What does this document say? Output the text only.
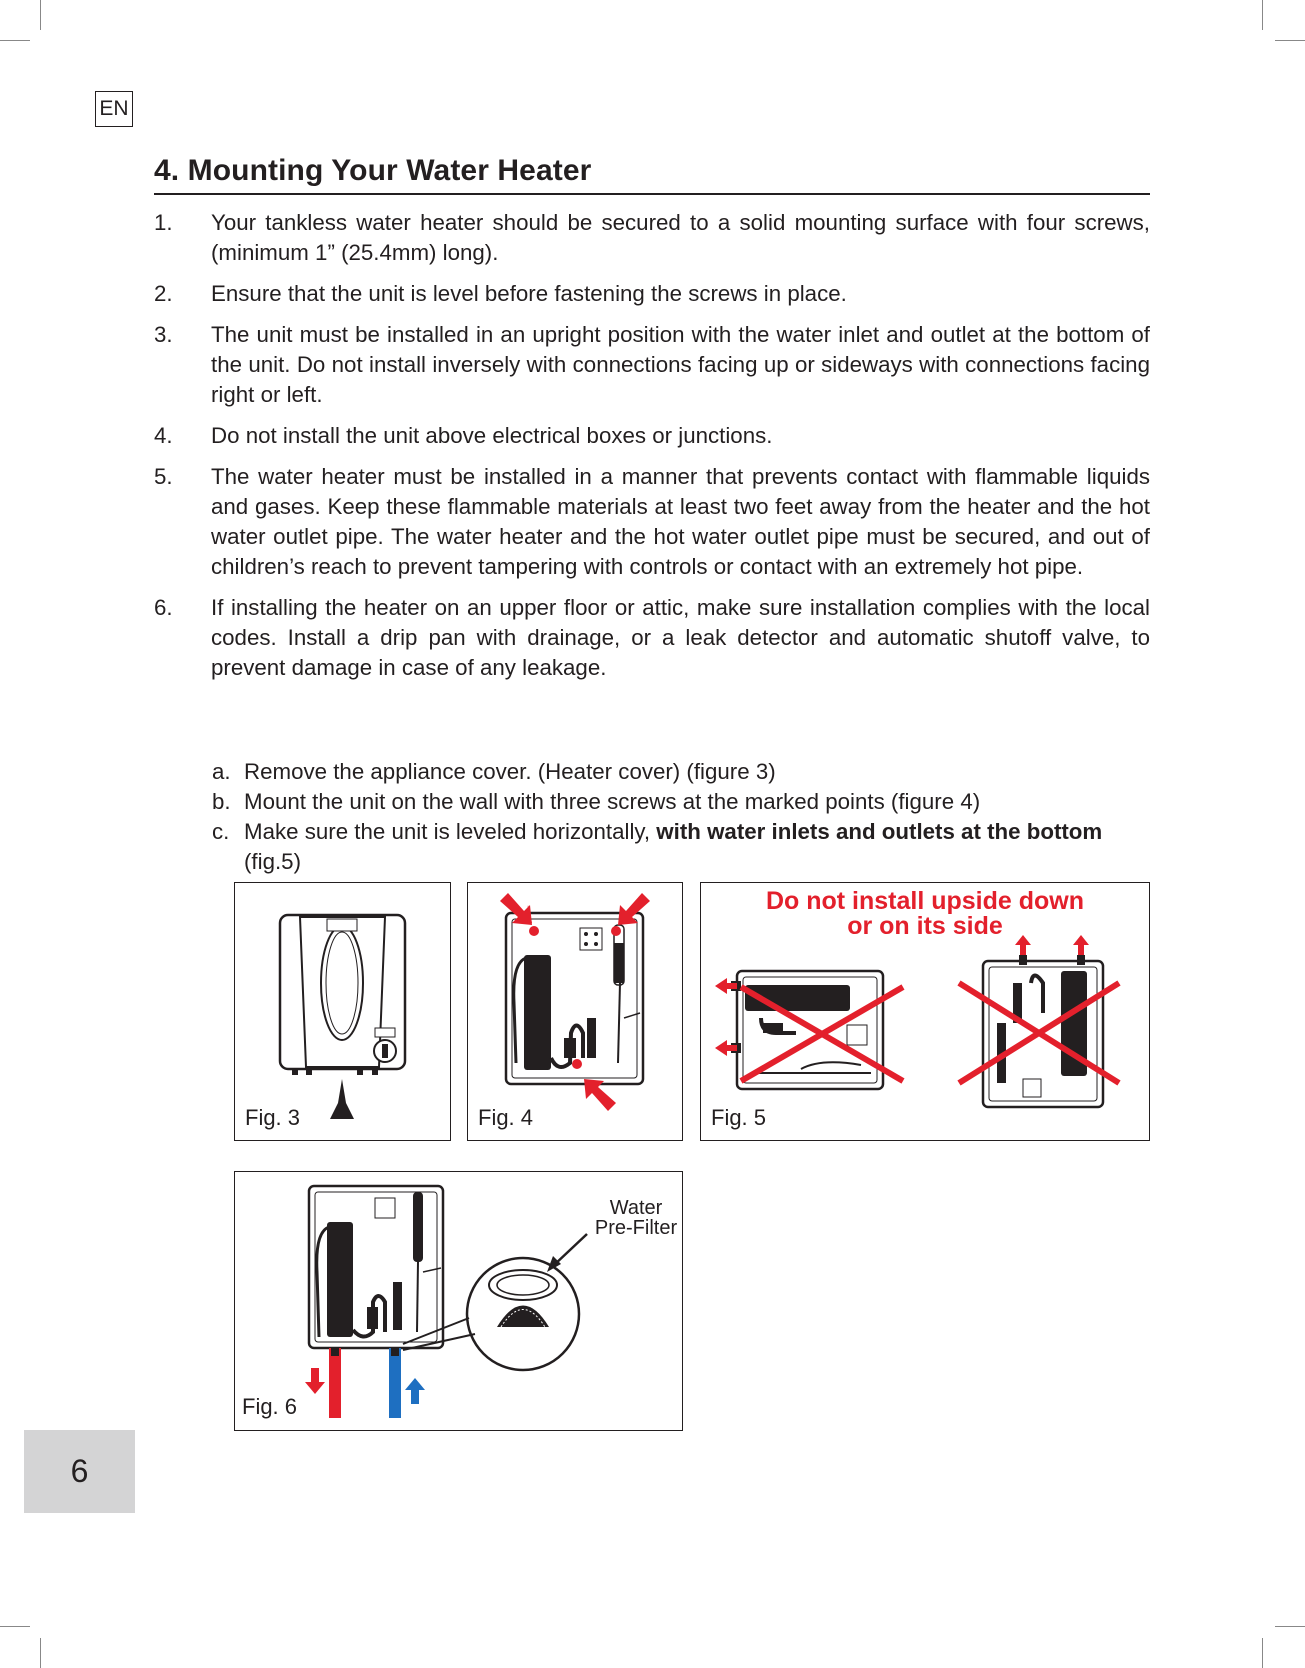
EN
4. Mounting Your Water Heater
1. Your tankless water heater should be secured to a solid mounting surface with four screws, (minimum 1” (25.4mm) long).
2. Ensure that the unit is level before fastening the screws in place.
3. The unit must be installed in an upright position with the water inlet and outlet at the bottom of the unit. Do not install inversely with connections facing up or sideways with connections facing right or left.
4. Do not install the unit above electrical boxes or junctions.
5. The water heater must be installed in a manner that prevents contact with flammable liquids and gases. Keep these flammable materials at least two feet away from the heater and the hot water outlet pipe. The water heater and the hot water outlet pipe must be secured, and out of children’s reach to prevent tampering with controls or contact with an extremely hot pipe.
6. If installing the heater on an upper floor or attic, make sure installation complies with the local codes. Install a drip pan with drainage, or a leak detector and automatic shutoff valve, to prevent damage in case of any leakage.
a. Remove the appliance cover. (Heater cover) (figure 3)
b. Mount the unit on the wall with three screws at the marked points (figure 4)
c. Make sure the unit is leveled horizontally, with water inlets and outlets at the bottom (fig.5)
Fig. 3	Fig. 4
Do not install upside down
or on its side
Fig. 5
Water
Pre-Filter
Fig. 6
6
